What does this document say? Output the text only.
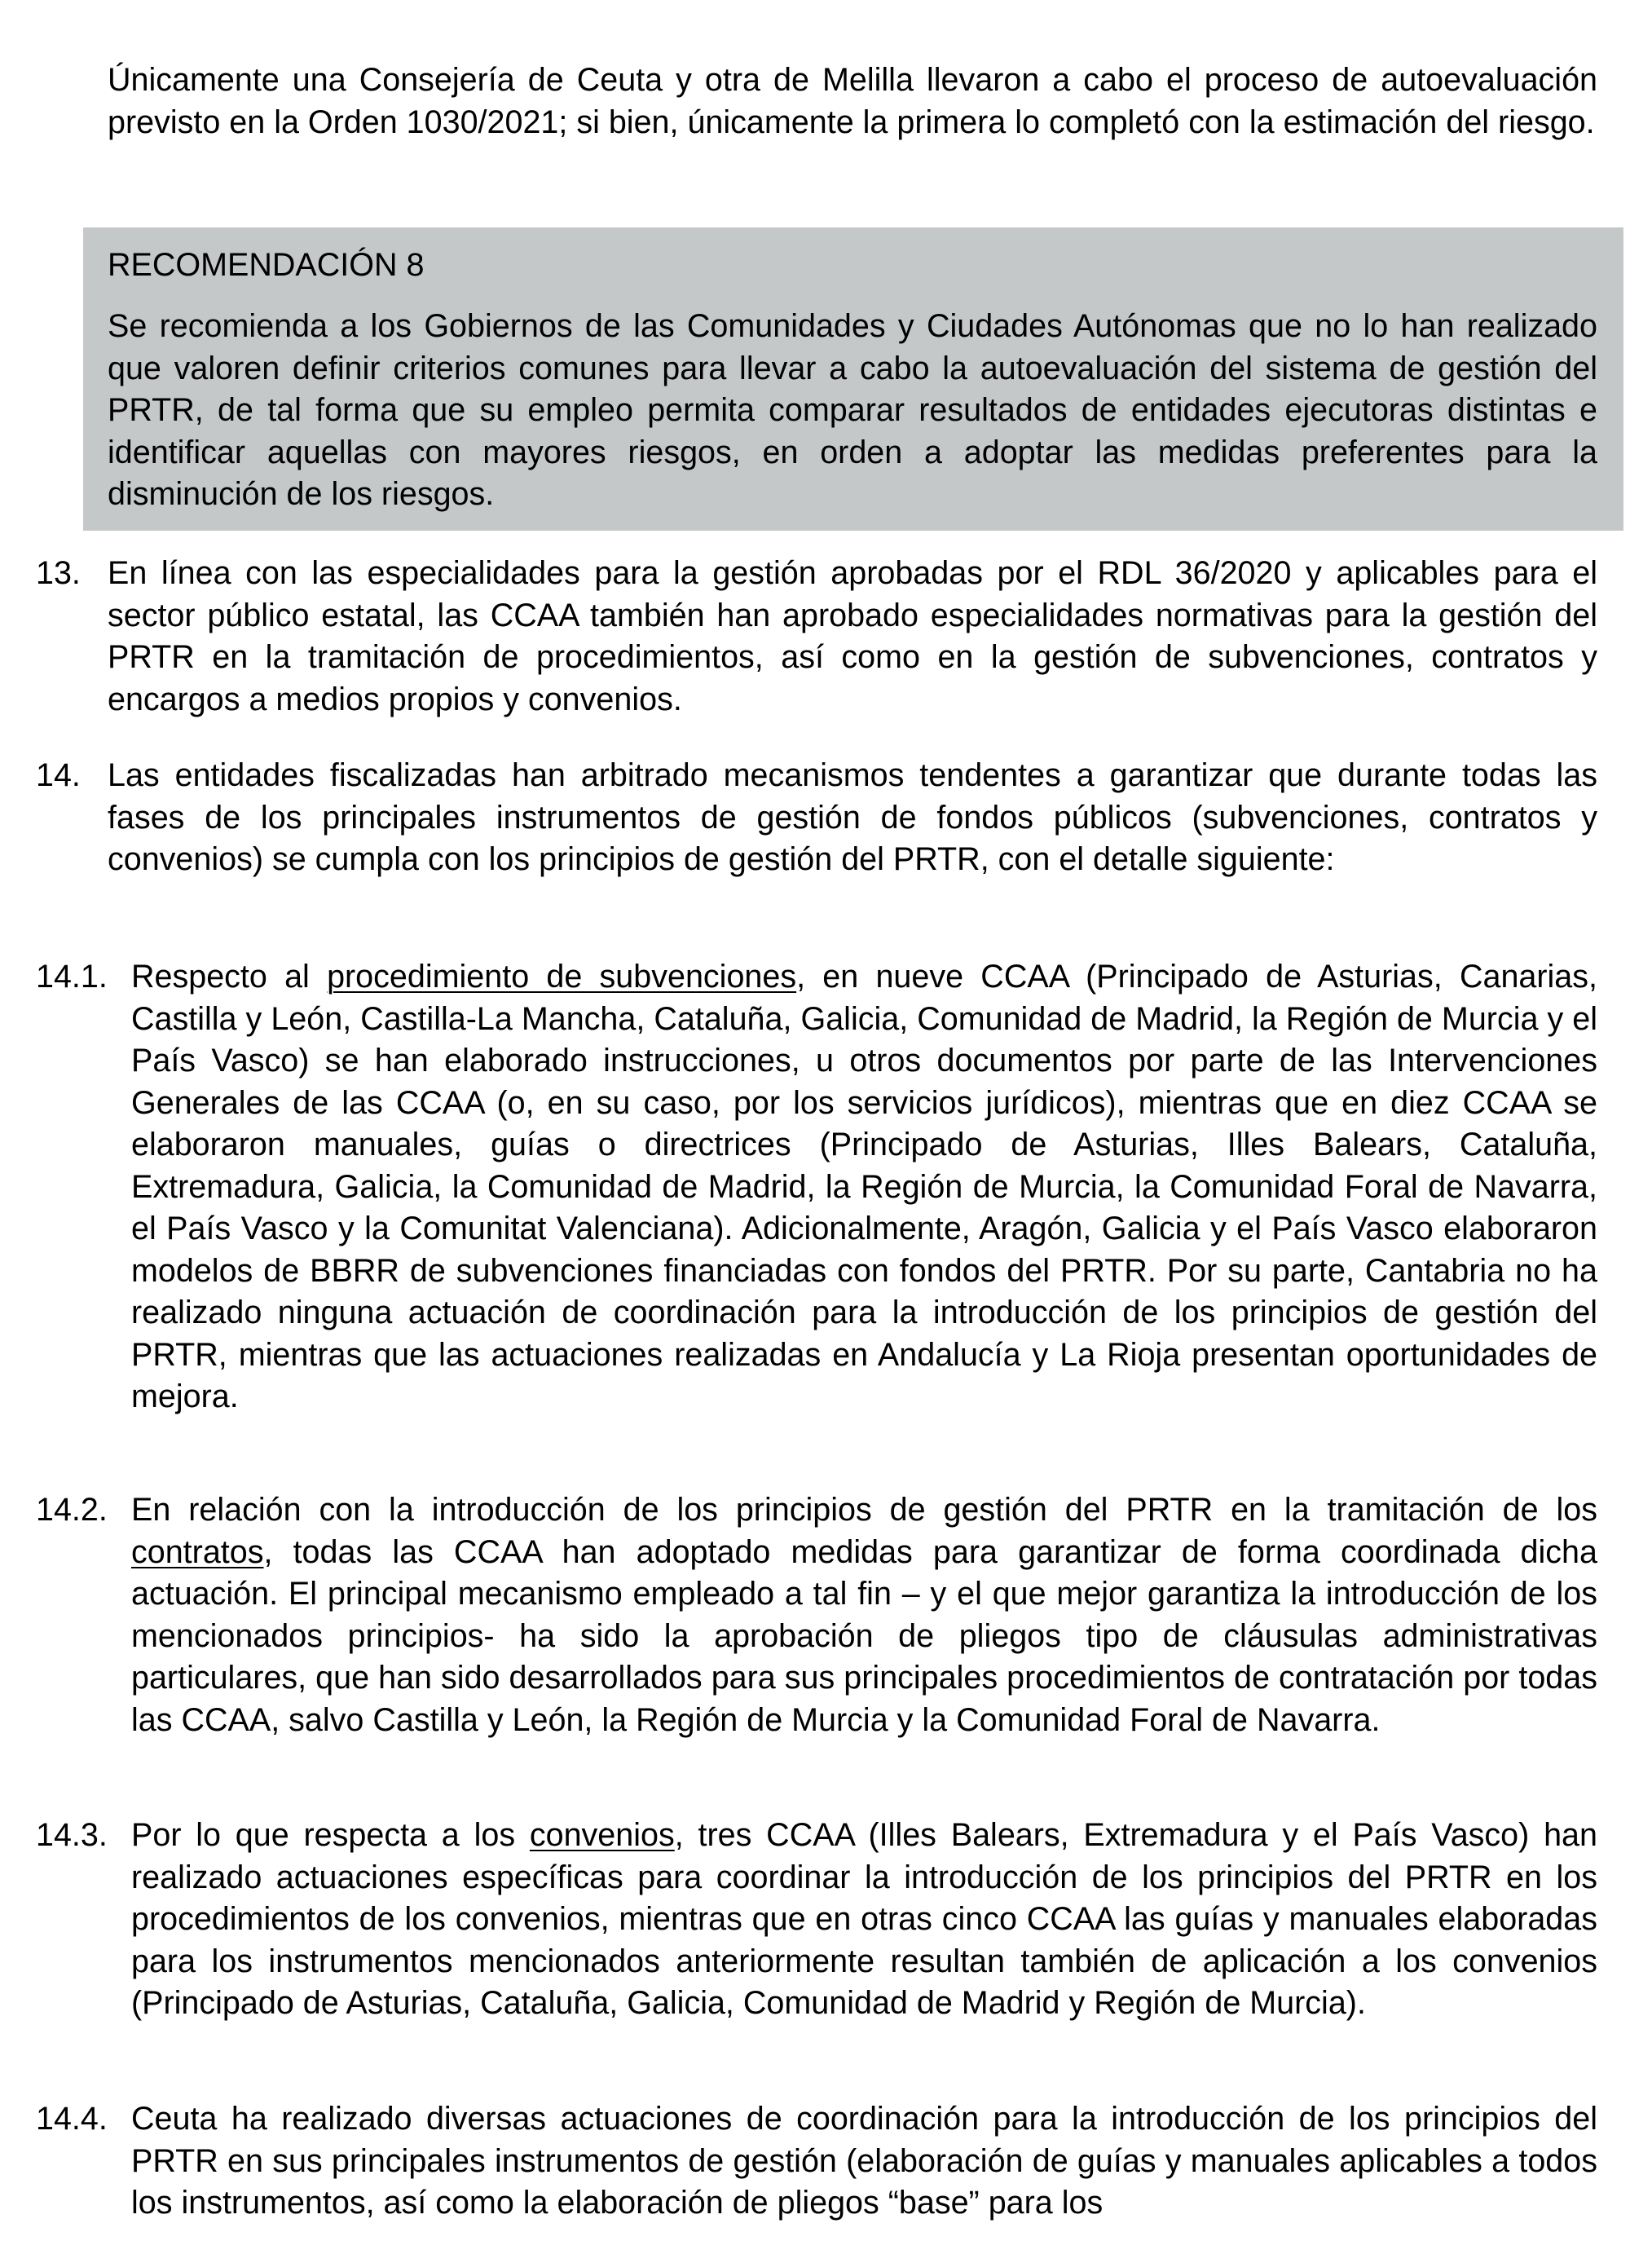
Únicamente una Consejería de Ceuta y otra de Melilla llevaron a cabo el proceso de autoevaluación previsto en la Orden 1030/2021; si bien, únicamente la primera lo completó con la estimación del riesgo.

RECOMENDACIÓN 8

Se recomienda a los Gobiernos de las Comunidades y Ciudades Autónomas que no lo han realizado que valoren definir criterios comunes para llevar a cabo la autoevaluación del sistema de gestión del PRTR, de tal forma que su empleo permita comparar resultados de entidades ejecutoras distintas e identificar aquellas con mayores riesgos, en orden a adoptar las medidas preferentes para la disminución de los riesgos.

13. En línea con las especialidades para la gestión aprobadas por el RDL 36/2020 y aplicables para el sector público estatal, las CCAA también han aprobado especialidades normativas para la gestión del PRTR en la tramitación de procedimientos, así como en la gestión de subvenciones, contratos y encargos a medios propios y convenios.

14. Las entidades fiscalizadas han arbitrado mecanismos tendentes a garantizar que durante todas las fases de los principales instrumentos de gestión de fondos públicos (subvenciones, contratos y convenios) se cumpla con los principios de gestión del PRTR, con el detalle siguiente:

14.1. Respecto al procedimiento de subvenciones, en nueve CCAA (Principado de Asturias, Canarias, Castilla y León, Castilla-La Mancha, Cataluña, Galicia, Comunidad de Madrid, la Región de Murcia y el País Vasco) se han elaborado instrucciones, u otros documentos por parte de las Intervenciones Generales de las CCAA (o, en su caso, por los servicios jurídicos), mientras que en diez CCAA se elaboraron manuales, guías o directrices (Principado de Asturias, Illes Balears, Cataluña, Extremadura, Galicia, la Comunidad de Madrid, la Región de Murcia, la Comunidad Foral de Navarra, el País Vasco y la Comunitat Valenciana). Adicionalmente, Aragón, Galicia y el País Vasco elaboraron modelos de BBRR de subvenciones financiadas con fondos del PRTR. Por su parte, Cantabria no ha realizado ninguna actuación de coordinación para la introducción de los principios de gestión del PRTR, mientras que las actuaciones realizadas en Andalucía y La Rioja presentan oportunidades de mejora.

14.2. En relación con la introducción de los principios de gestión del PRTR en la tramitación de los contratos, todas las CCAA han adoptado medidas para garantizar de forma coordinada dicha actuación. El principal mecanismo empleado a tal fin – y el que mejor garantiza la introducción de los mencionados principios- ha sido la aprobación de pliegos tipo de cláusulas administrativas particulares, que han sido desarrollados para sus principales procedimientos de contratación por todas las CCAA, salvo Castilla y León, la Región de Murcia y la Comunidad Foral de Navarra.

14.3. Por lo que respecta a los convenios, tres CCAA (Illes Balears, Extremadura y el País Vasco) han realizado actuaciones específicas para coordinar la introducción de los principios del PRTR en los procedimientos de los convenios, mientras que en otras cinco CCAA las guías y manuales elaboradas para los instrumentos mencionados anteriormente resultan también de aplicación a los convenios (Principado de Asturias, Cataluña, Galicia, Comunidad de Madrid y Región de Murcia).

14.4. Ceuta ha realizado diversas actuaciones de coordinación para la introducción de los principios del PRTR en sus principales instrumentos de gestión (elaboración de guías y manuales aplicables a todos los instrumentos, así como la elaboración de pliegos “base” para los
